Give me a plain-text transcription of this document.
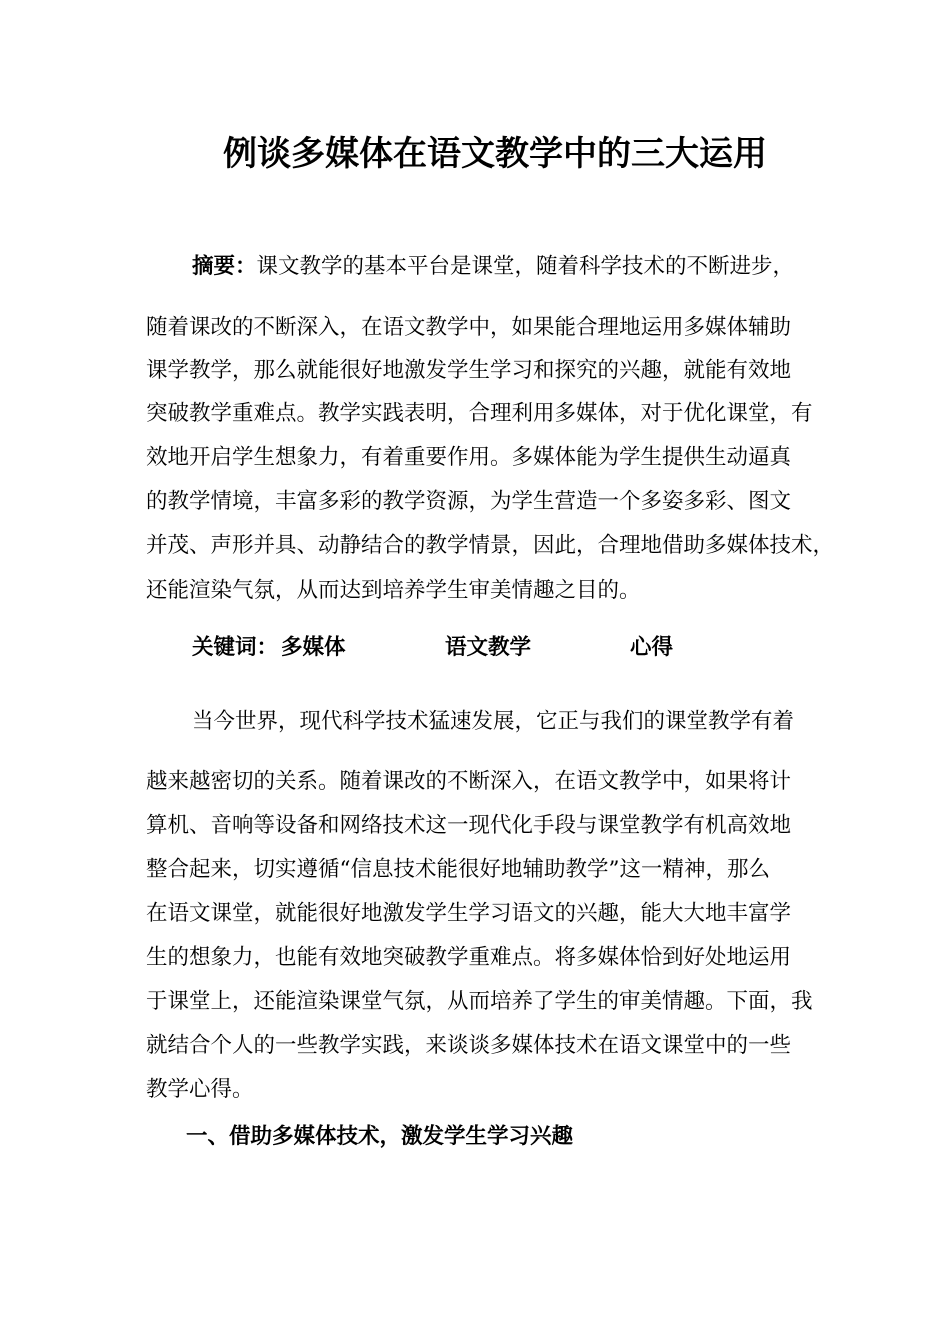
例谈多媒体在语文教学中的三大运用
摘要：课文教学的基本平台是课堂，随着科学技术的不断进步，
随着课改的不断深入，在语文教学中，如果能合理地运用多媒体辅助
课学教学，那么就能很好地激发学生学习和探究的兴趣，就能有效地
突破教学重难点。教学实践表明，合理利用多媒体，对于优化课堂，有
效地开启学生想象力，有着重要作用。多媒体能为学生提供生动逼真
的教学情境，丰富多彩的教学资源，为学生营造一个多姿多彩、图文
并茂、声形并具、动静结合的教学情景，因此，合理地借助多媒体技术，
还能渲染气氛，从而达到培养学生审美情趣之目的。
关键词： 多媒体	语文教学	心得
当今世界，现代科学技术猛速发展，它正与我们的课堂教学有着
越来越密切的关系。随着课改的不断深入，在语文教学中，如果将计
算机、音响等设备和网络技术这一现代化手段与课堂教学有机高效地
整合起来，切实遵循“信息技术能很好地辅助教学”这一精神，那么
在语文课堂，就能很好地激发学生学习语文的兴趣，能大大地丰富学
生的想象力，也能有效地突破教学重难点。将多媒体恰到好处地运用
于课堂上，还能渲染课堂气氛，从而培养了学生的审美情趣。下面，我
就结合个人的一些教学实践，来谈谈多媒体技术在语文课堂中的一些
教学心得。
一、借助多媒体技术，激发学生学习兴趣
